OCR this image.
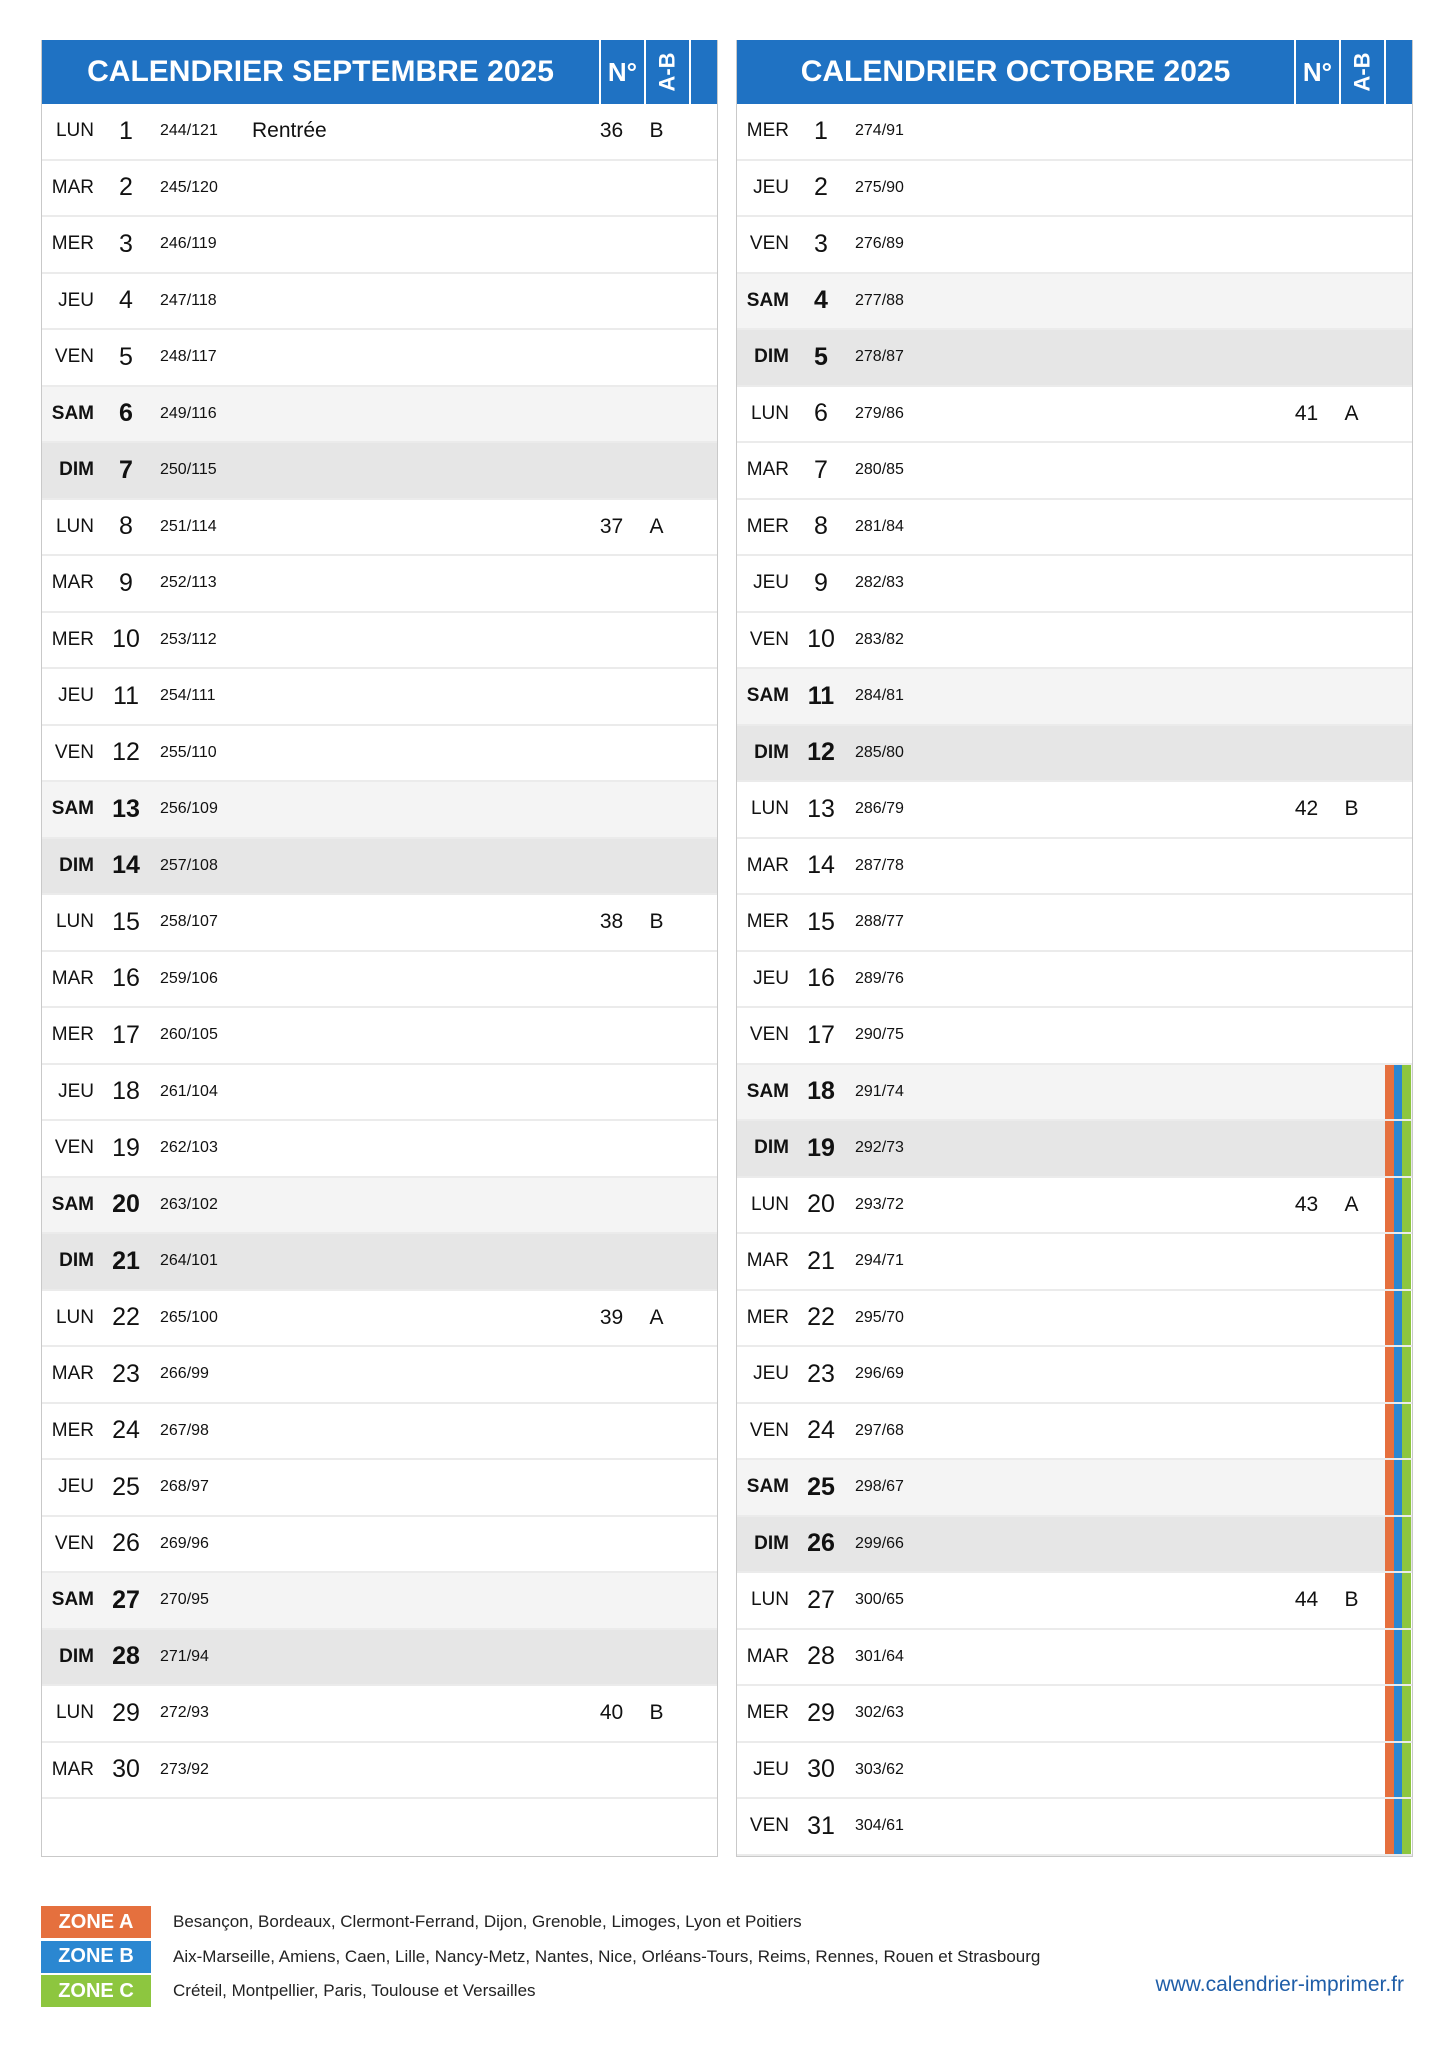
CALENDRIER SEPTEMBRE 2025	N° A-B
LUN	1	244/121	Rentrée	36	B
MAR	2	245/120
MER	3	246/119
JEU	4	247/118
VEN	5	248/117
SAM	6	249/116
DIM	7	250/115
LUN	8	251/114	37	A
MAR	9	252/113
MER 10	253/112
JEU 11	254/111
VEN 12	255/110
SAM 13	256/109
DIM 14	257/108
LUN 15	258/107	38	B
MAR 16	259/106
MER 17	260/105
JEU 18	261/104
VEN 19	262/103
SAM 20	263/102
DIM 21	264/101
LUN 22	265/100	39	A
MAR 23	266/99
MER 24	267/98
JEU 25	268/97
VEN 26	269/96
SAM 27	270/95
DIM 28	271/94
LUN 29	272/93	40	B
MAR 30	273/92
CALENDRIER OCTOBRE 2025	N° A-B
MER	1	274/91
JEU	2	275/90
VEN	3	276/89
SAM	4	277/88
DIM	5	278/87
LUN	6	279/86	41	A
MAR	7	280/85
MER	8	281/84
JEU	9	282/83
VEN 10	283/82
SAM 11	284/81
DIM 12	285/80
LUN 13	286/79	42	B
MAR 14	287/78
MER 15	288/77
JEU 16	289/76
VEN 17	290/75
SAM 18	291/74
DIM 19	292/73
LUN 20	293/72	43	A
MAR 21	294/71
MER 22	295/70
JEU 23	296/69
VEN 24	297/68
SAM 25	298/67
DIM 26	299/66
LUN 27	300/65	44	B
MAR 28	301/64
MER 29	302/63
JEU 30	303/62
VEN 31	304/61
ZONE A	Besançon, Bordeaux, Clermont-Ferrand, Dijon, Grenoble, Limoges, Lyon et Poitiers
ZONE B	Aix-Marseille, Amiens, Caen, Lille, Nancy-Metz, Nantes, Nice, Orléans-Tours, Reims, Rennes, Rouen et Strasbourg
ZONE C	Créteil, Montpellier, Paris, Toulouse et Versailles	www.calendrier-imprimer.fr
